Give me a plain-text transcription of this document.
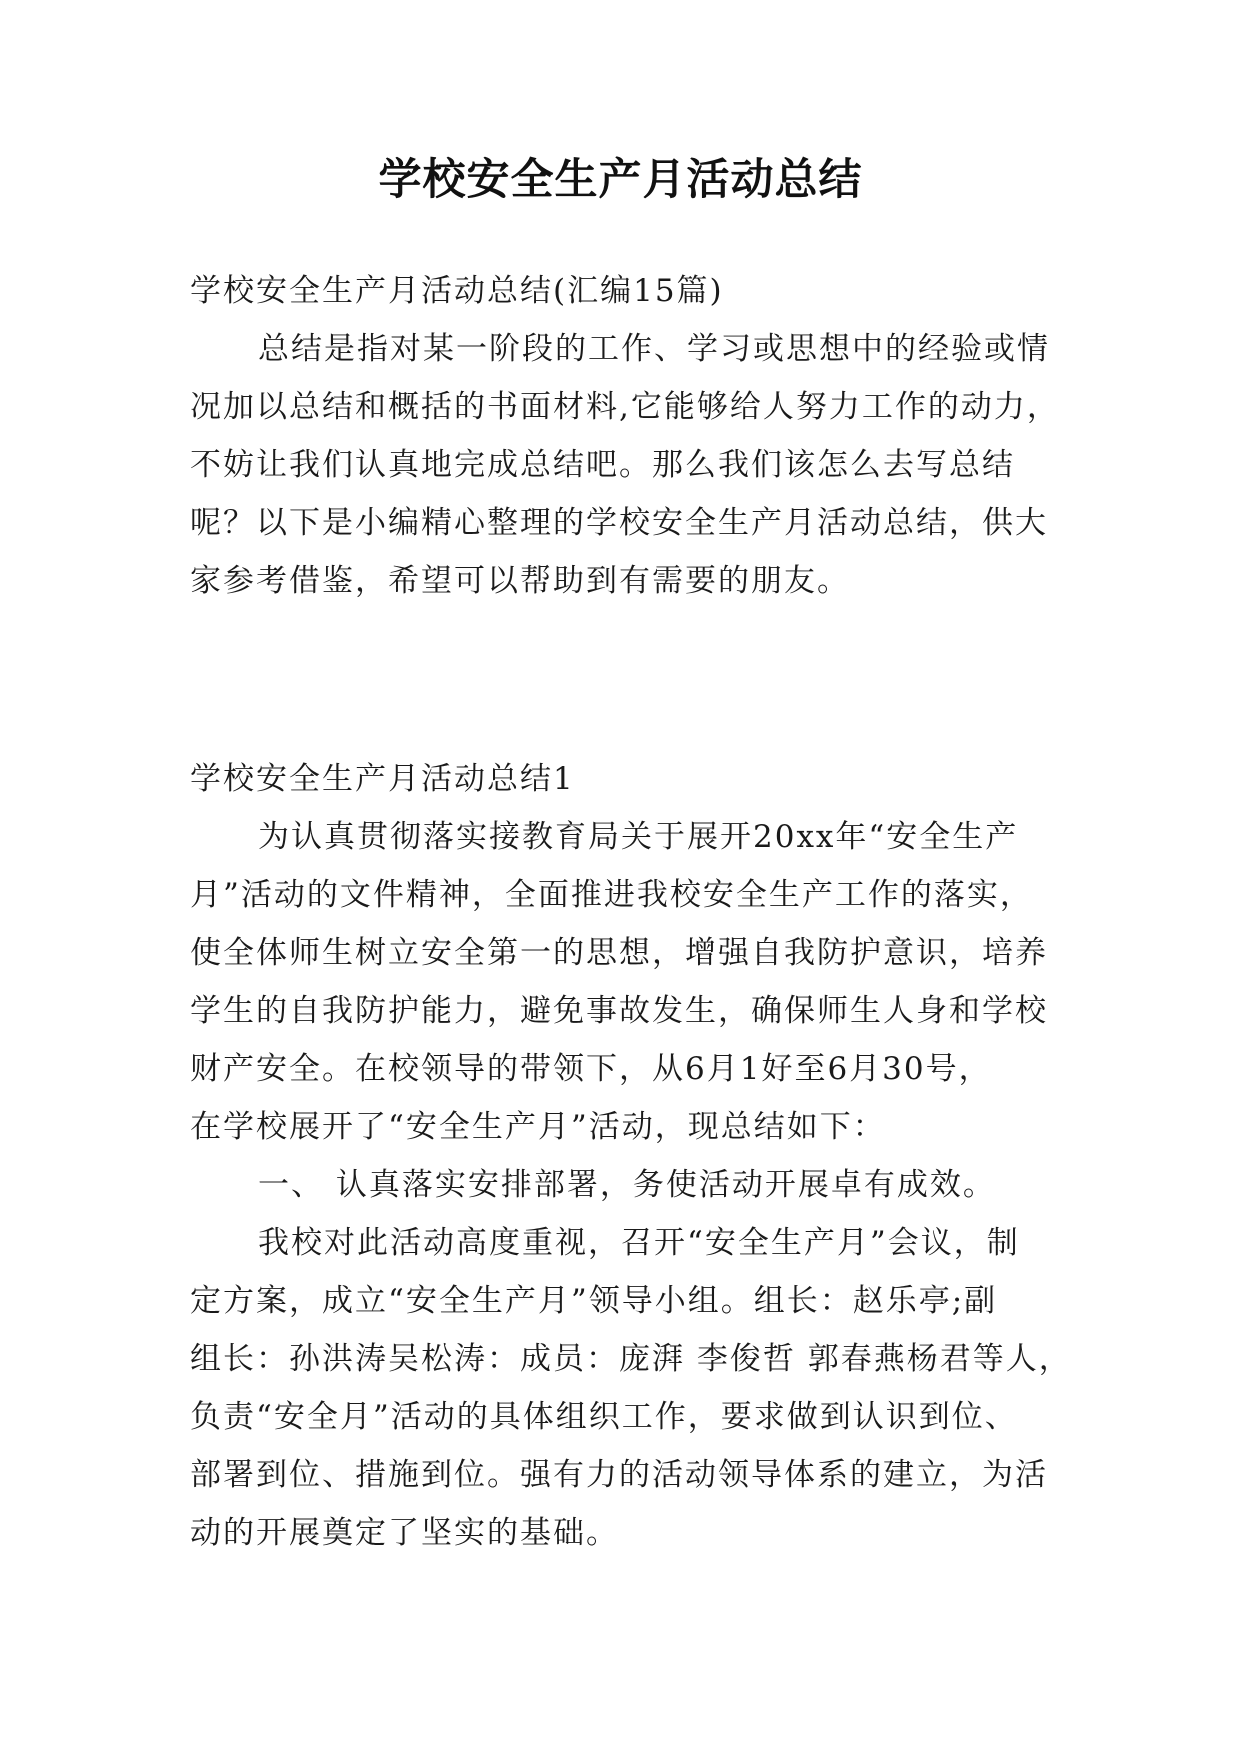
学校安全生产月活动总结

学校安全生产月活动总结(汇编15篇)

总结是指对某一阶段的工作、学习或思想中的经验或情
况加以总结和概括的书面材料,它能够给人努力工作的动力，
不妨让我们认真地完成总结吧。那么我们该怎么去写总结
呢？以下是小编精心整理的学校安全生产月活动总结，供大
家参考借鉴，希望可以帮助到有需要的朋友。

学校安全生产月活动总结1

为认真贯彻落实接教育局关于展开20xx年“安全生产
月”活动的文件精神，全面推进我校安全生产工作的落实，
使全体师生树立安全第一的思想，增强自我防护意识，培养
学生的自我防护能力，避免事故发生，确保师生人身和学校
财产安全。在校领导的带领下，从6月1好至6月30号，
在学校展开了“安全生产月”活动，现总结如下：

一、 认真落实安排部署，务使活动开展卓有成效。

我校对此活动高度重视，召开“安全生产月”会议，制
定方案，成立“安全生产月”领导小组。组长：赵乐亭;副
组长：孙洪涛吴松涛：成员：庞湃 李俊哲 郭春燕杨君等人，
负责“安全月”活动的具体组织工作，要求做到认识到位、
部署到位、措施到位。强有力的活动领导体系的建立，为活
动的开展奠定了坚实的基础。
